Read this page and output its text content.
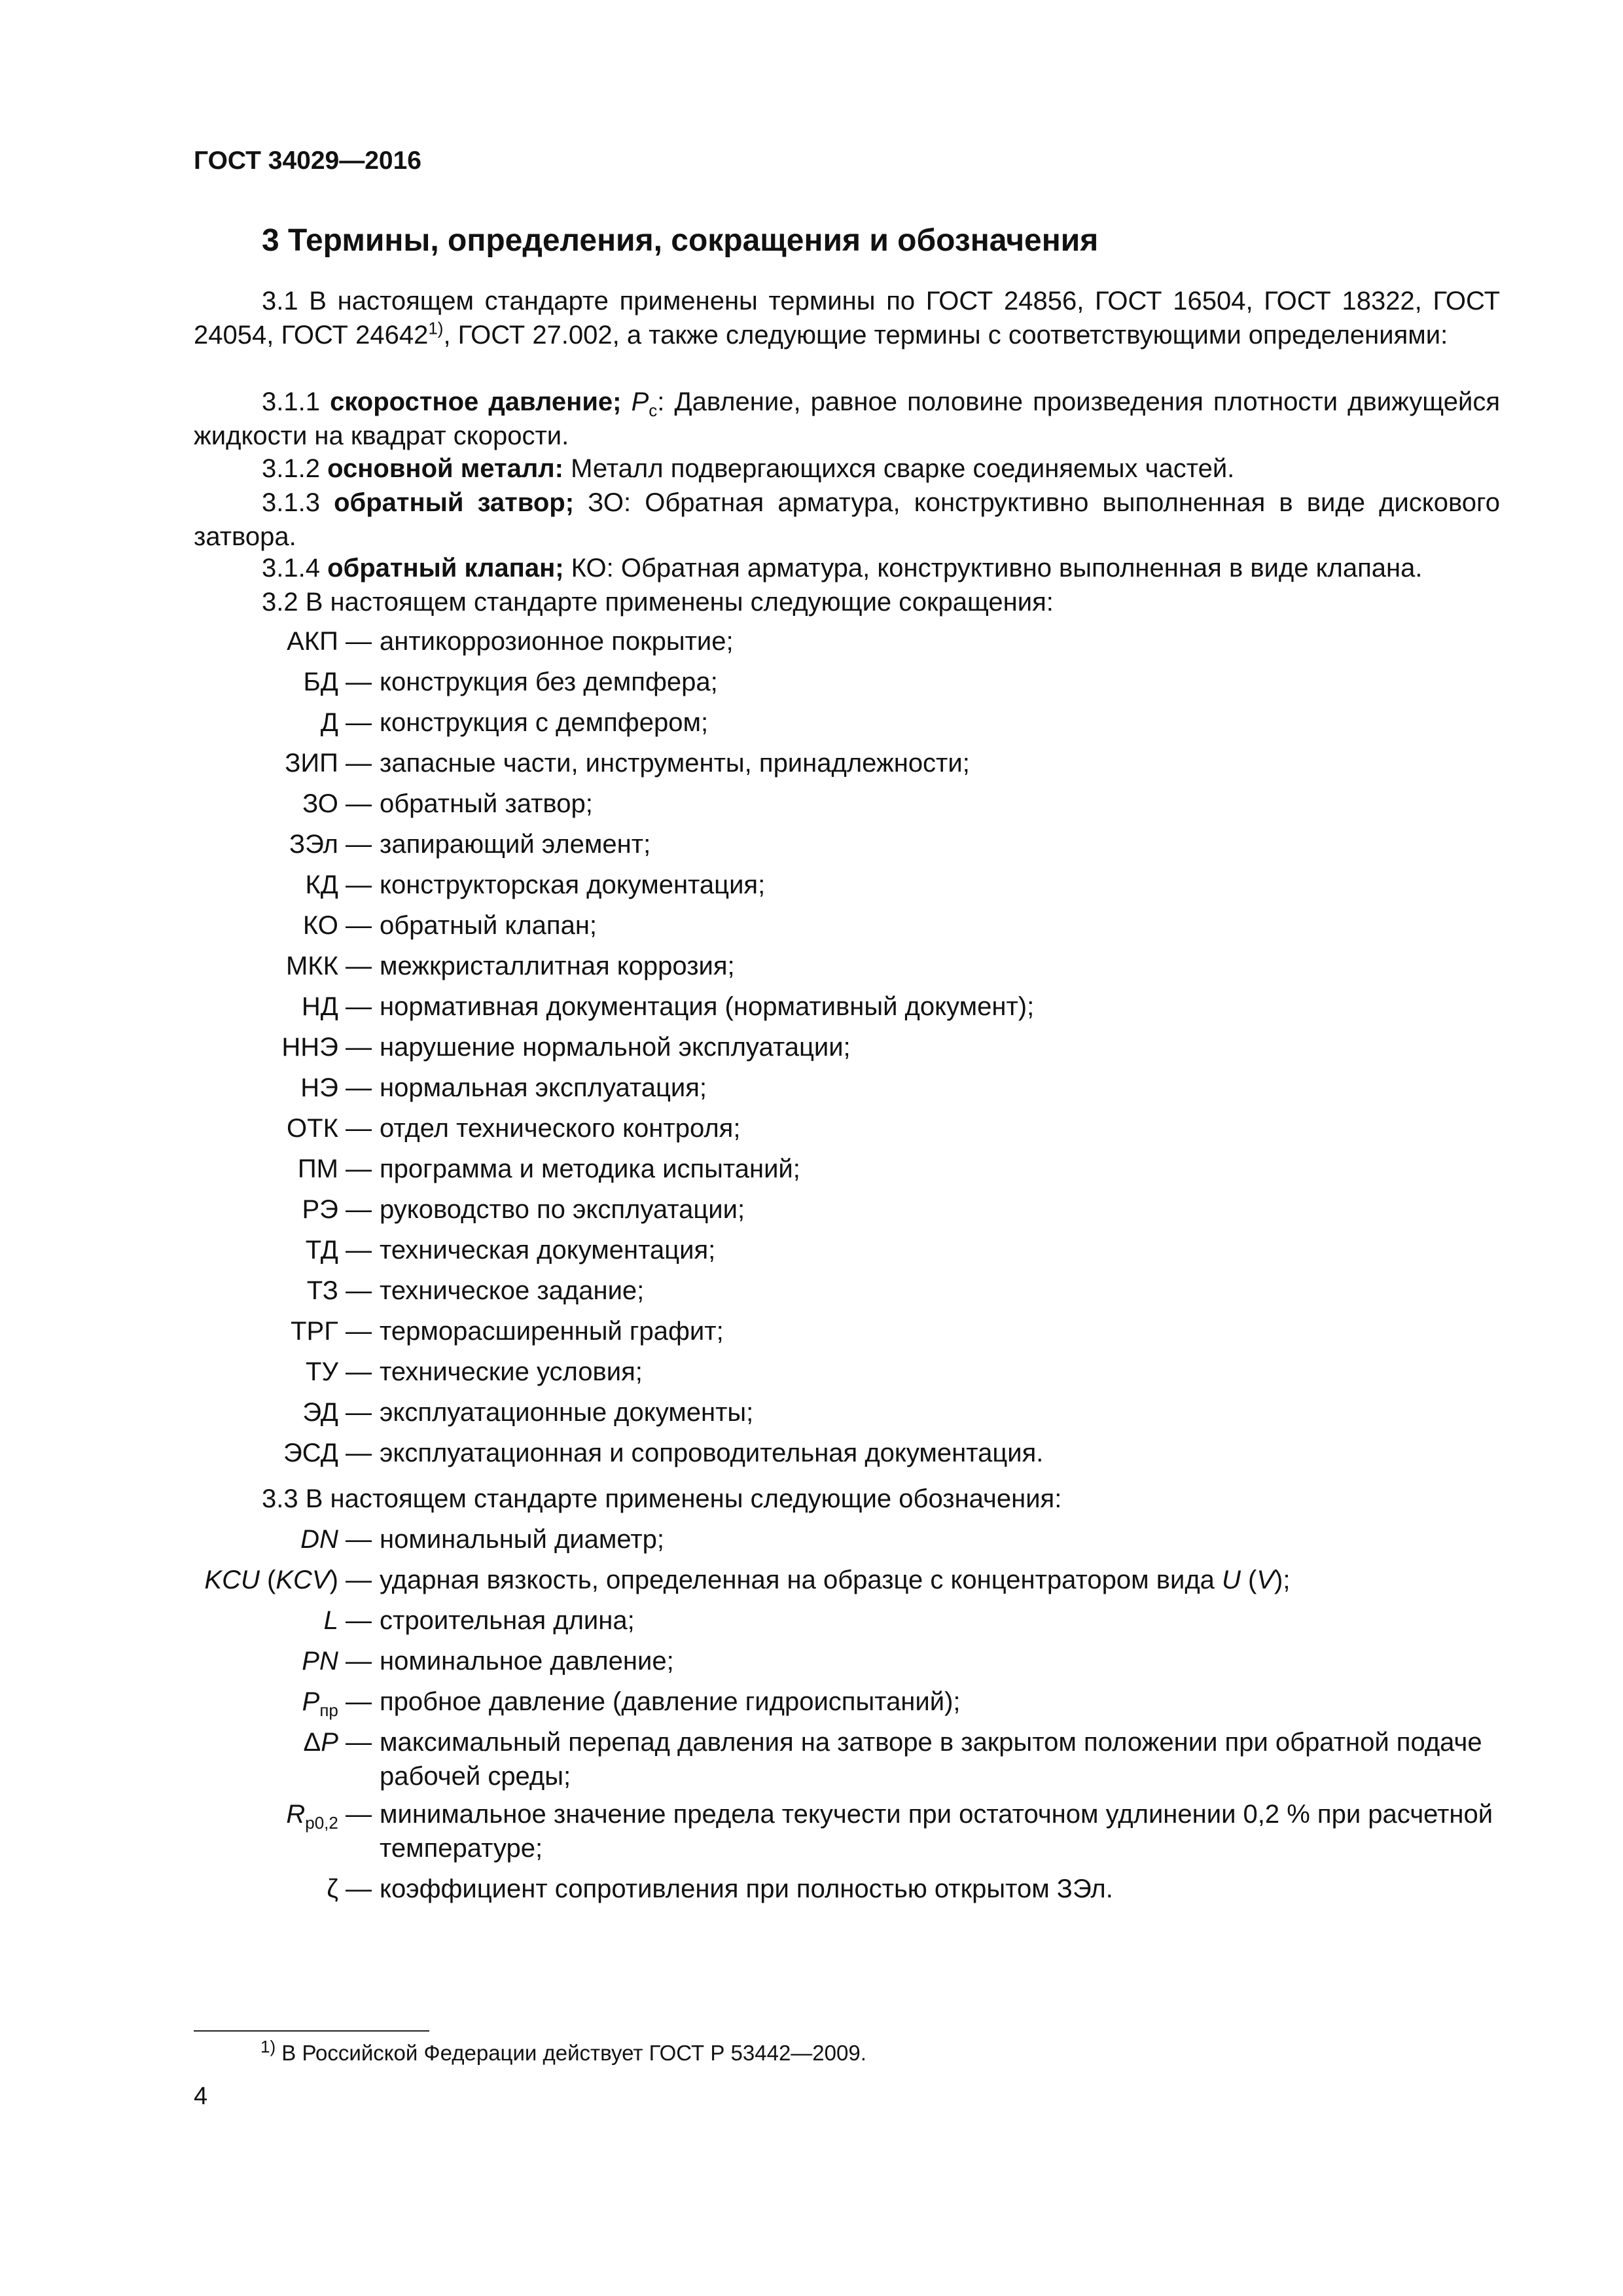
ГОСТ 34029—2016
3 Термины, определения, сокращения и обозначения
3.1 В настоящем стандарте применены термины по ГОСТ 24856, ГОСТ 16504, ГОСТ 18322, ГОСТ 24054, ГОСТ 24642$^{1)}$, ГОСТ 27.002, а также следующие термины с соответствующими определениями:
3.1.1 скоростное давление; $P_с$: Давление, равное половине произведения плотности движущейся жидкости на квадрат скорости.
3.1.2 основной металл: Металл подвергающихся сварке соединяемых частей.
3.1.3 обратный затвор; ЗО: Обратная арматура, конструктивно выполненная в виде дискового затвора.
3.1.4 обратный клапан; КО: Обратная арматура, конструктивно выполненная в виде клапана.
3.2 В настоящем стандарте применены следующие сокращения:
АКП — антикоррозионное покрытие;
БД — конструкция без демпфера;
Д — конструкция с демпфером;
ЗИП — запасные части, инструменты, принадлежности;
ЗО — обратный затвор;
ЗЭл — запирающий элемент;
КД — конструкторская документация;
КО — обратный клапан;
МКК — межкристаллитная коррозия;
НД — нормативная документация (нормативный документ);
ННЭ — нарушение нормальной эксплуатации;
НЭ — нормальная эксплуатация;
ОТК — отдел технического контроля;
ПМ — программа и методика испытаний;
РЭ — руководство по эксплуатации;
ТД — техническая документация;
ТЗ — техническое задание;
ТРГ — терморасширенный графит;
ТУ — технические условия;
ЭД — эксплуатационные документы;
ЭСД — эксплуатационная и сопроводительная документация.
3.3 В настоящем стандарте применены следующие обозначения:
DN — номинальный диаметр;
KCU (KCV) — ударная вязкость, определенная на образце с концентратором вида U (V);
L — строительная длина;
PN — номинальное давление;
$P_{пр}$ — пробное давление (давление гидроиспытаний);
ΔP — максимальный перепад давления на затворе в закрытом положении при обратной подаче рабочей среды;
$R_{p0,2}$ — минимальное значение предела текучести при остаточном удлинении 0,2 % при расчетной температуре;
ζ — коэффициент сопротивления при полностью открытом ЗЭл.
$^{1)}$ В Российской Федерации действует ГОСТ Р 53442—2009.
4
